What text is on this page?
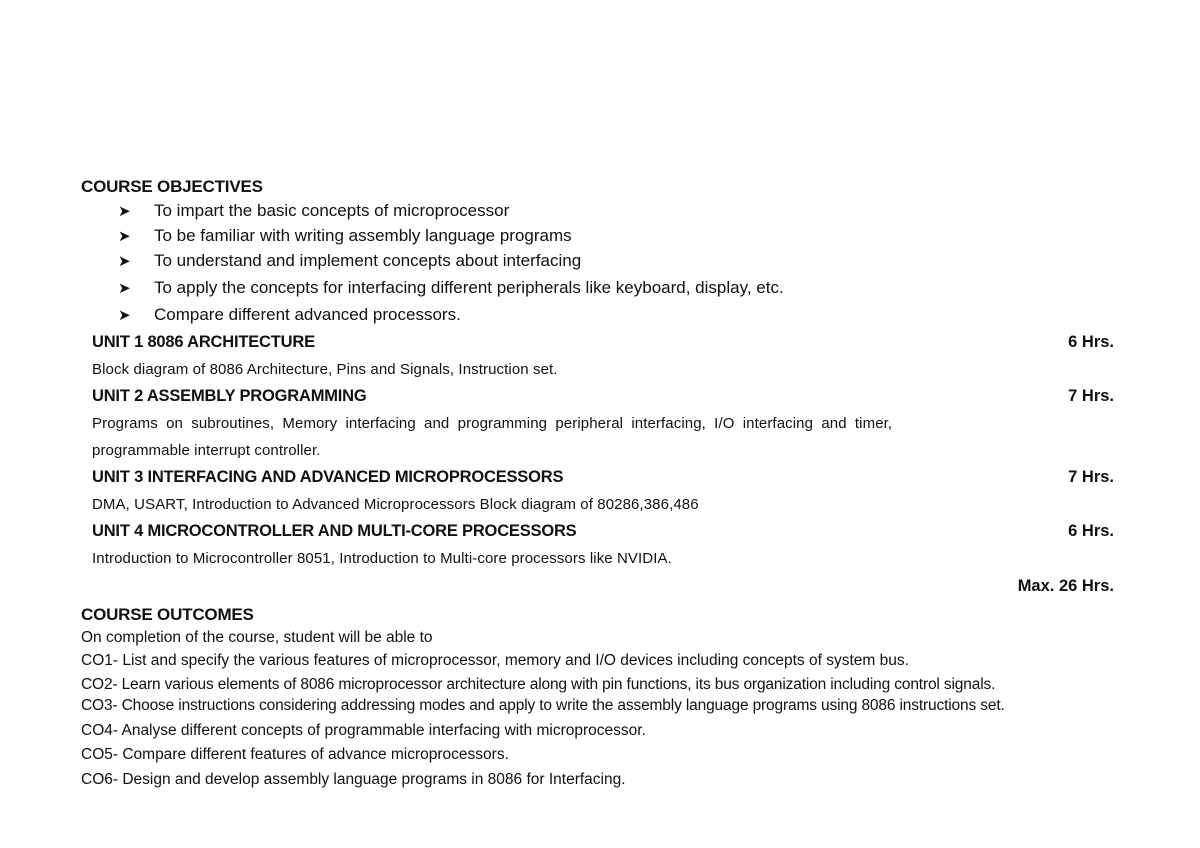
COURSE OBJECTIVES
➤ To impart the basic concepts of microprocessor
➤ To be familiar with writing assembly language programs
➤ To understand and implement concepts about interfacing
➤ To apply the concepts for interfacing different peripherals like keyboard, display, etc.
➤ Compare different advanced processors.
UNIT 1 8086 ARCHITECTURE	6 Hrs.
Block diagram of 8086 Architecture, Pins and Signals, Instruction set.
UNIT 2 ASSEMBLY PROGRAMMING	7 Hrs.
Programs on subroutines, Memory interfacing and programming peripheral interfacing, I/O interfacing and timer,
programmable interrupt controller.
UNIT 3 INTERFACING AND ADVANCED MICROPROCESSORS	7 Hrs.
DMA, USART, Introduction to Advanced Microprocessors Block diagram of 80286,386,486
UNIT 4 MICROCONTROLLER AND MULTI-CORE PROCESSORS	6 Hrs.
Introduction to Microcontroller 8051, Introduction to Multi-core processors like NVIDIA.
Max. 26 Hrs.
COURSE OUTCOMES
On completion of the course, student will be able to
CO1- List and specify the various features of microprocessor, memory and I/O devices including concepts of system bus.
CO2- Learn various elements of 8086 microprocessor architecture along with pin functions, its bus organization including control signals.
CO3- Choose instructions considering addressing modes and apply to write the assembly language programs using 8086 instructions set.
CO4- Analyse different concepts of programmable interfacing with microprocessor.
CO5- Compare different features of advance microprocessors.
CO6- Design and develop assembly language programs in 8086 for Interfacing.
